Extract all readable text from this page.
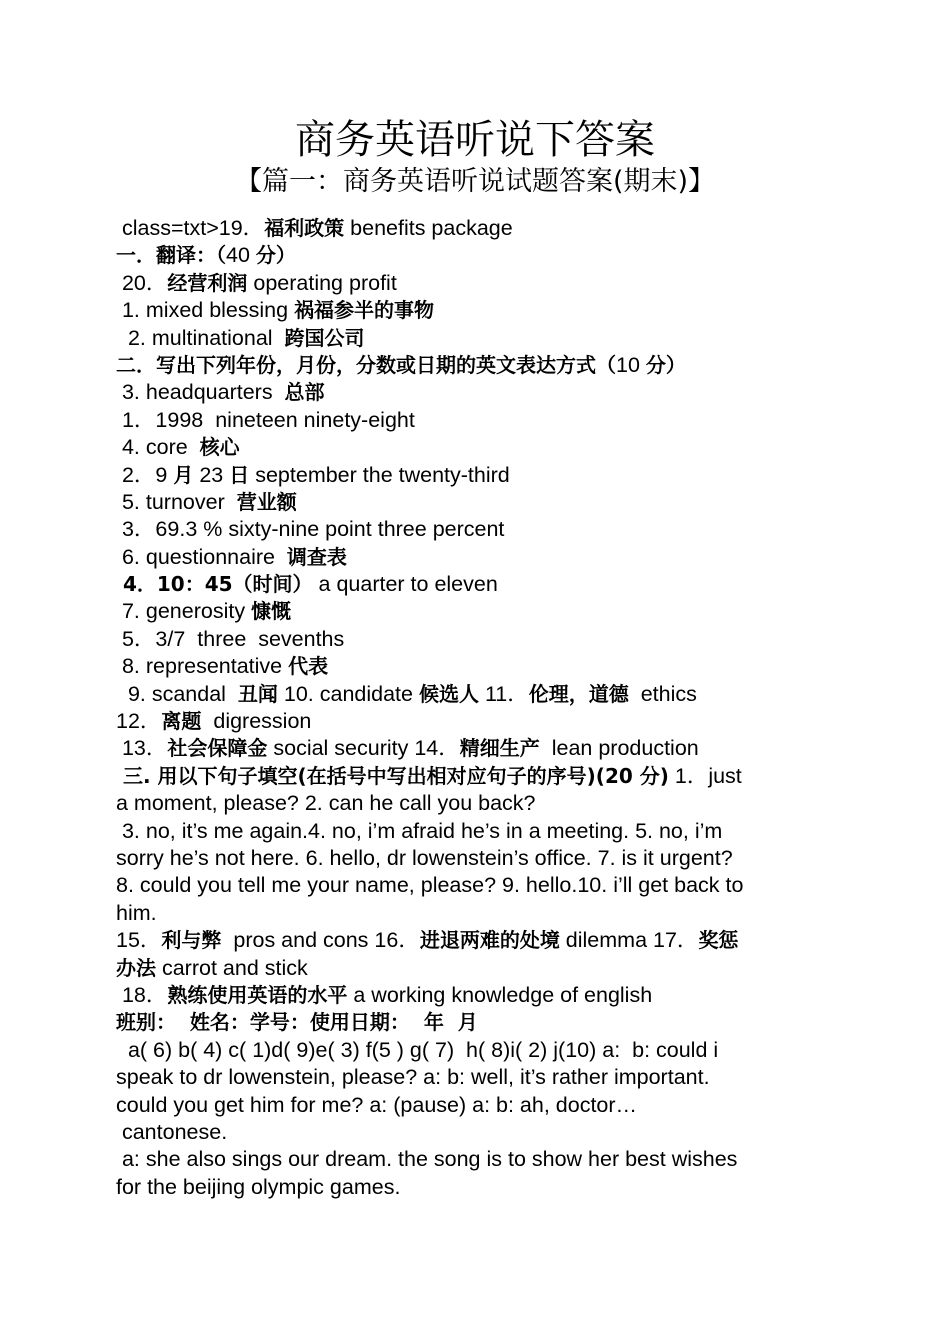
商务英语听说下答案
【篇一：商务英语听说试题答案(期末)】
class=txt>19．福利政策 benefits package
一．翻译：（40 分）
20．经营利润 operating profit
1. mixed blessing 祸福参半的事物
2. multinational  跨国公司
二．写出下列年份，月份，分数或日期的英文表达方式（10 分）
3. headquarters  总部
1．1998  nineteen ninety-eight
4. core  核心
2．9 月 23 日 september the twenty-third
5. turnover  营业额
3．69.3 % sixty-nine point three percent
6. questionnaire  调查表
4．10：45（时间） a quarter to eleven
7. generosity 慷慨
5．3/7  three  sevenths
8. representative 代表
9. scandal  丑闻 10. candidate 候选人 11．伦理，道德  ethics
12．离题  digression
13．社会保障金 social security 14．精细生产  lean production
三. 用以下句子填空(在括号中写出相对应句子的序号)(20 分) 1．just
a moment, please? 2. can he call you back?
3. no, it’s me again.4. no, i’m afraid he’s in a meeting. 5. no, i’m
sorry he’s not here. 6. hello, dr lowenstein’s office. 7. is it urgent?
8. could you tell me your name, please? 9. hello.10. i’ll get back to
him.
15．利与弊  pros and cons 16．进退两难的处境 dilemma 17．奖惩
办法 carrot and stick
18．熟练使用英语的水平 a working knowledge of english
班别：  姓名：学号：使用日期：  年  月
a( 6) b( 4) c( 1)d( 9)e( 3) f(5 ) g( 7)  h( 8)i( 2) j(10) a:  b: could i
speak to dr lowenstein, please? a: b: well, it’s rather important.
could you get him for me? a: (pause) a: b: ah, doctor…
cantonese.
a: she also sings our dream. the song is to show her best wishes
for the beijing olympic games.
